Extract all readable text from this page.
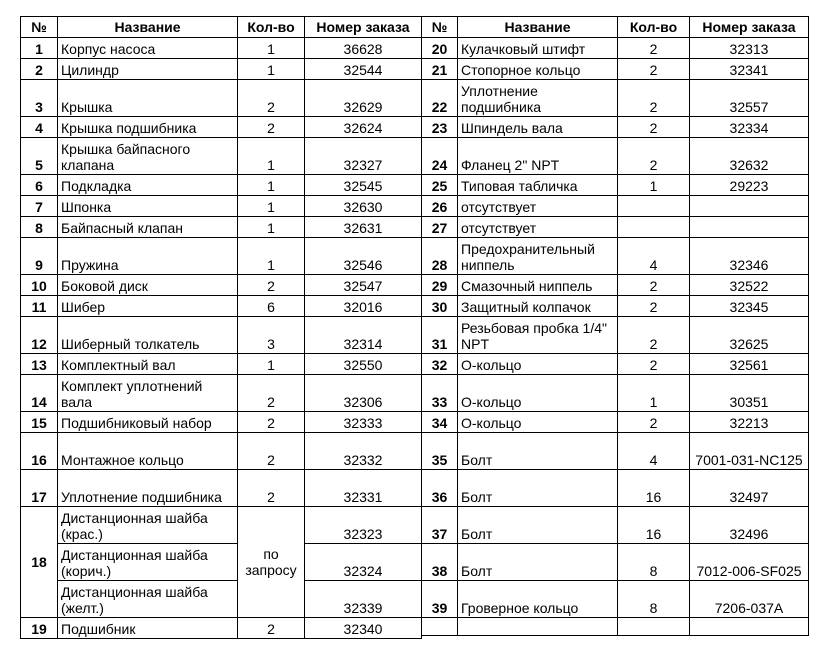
№	Название	Кол-во	Номер заказа
1	Корпус насоса	1	36628
2	Цилиндр	1	32544
3	Крышка	2	32629
4	Крышка подшибника	2	32624
5	Крышка байпасного клапана	1	32327
6	Подкладка	1	32545
7	Шпонка	1	32630
8	Байпасный клапан	1	32631
9	Пружина	1	32546
10	Боковой диск	2	32547
11	Шибер	6	32016
12	Шиберный толкатель	3	32314
13	Комплектный вал	1	32550
14	Комплект уплотнений вала	2	32306
15	Подшибниковый набор	2	32333
16	Монтажное кольцо	2	32332
17	Уплотнение подшибника	2	32331
18	Дистанционная шайба (крас.)	по запросу	32323
	Дистанционная шайба (корич.)		32324
	Дистанционная шайба (желт.)		32339
19	Подшибник	2	32340
№	Название	Кол-во	Номер заказа
20	Кулачковый штифт	2	32313
21	Стопорное кольцо	2	32341
22	Уплотнение подшибника	2	32557
23	Шпиндель вала	2	32334
24	Фланец 2" NPT	2	32632
25	Типовая табличка	1	29223
26	отсутствует		
27	отсутствует		
28	Предохранительный ниппель	4	32346
29	Смазочный ниппель	2	32522
30	Защитный колпачок	2	32345
31	Резьбовая пробка 1/4" NPT	2	32625
32	О-кольцо	2	32561
33	О-кольцо	1	30351
34	О-кольцо	2	32213
35	Болт	4	7001-031-NC125
36	Болт	16	32497
37	Болт	16	32496
38	Болт	8	7012-006-SF025
39	Гроверное кольцо	8	7206-037A
